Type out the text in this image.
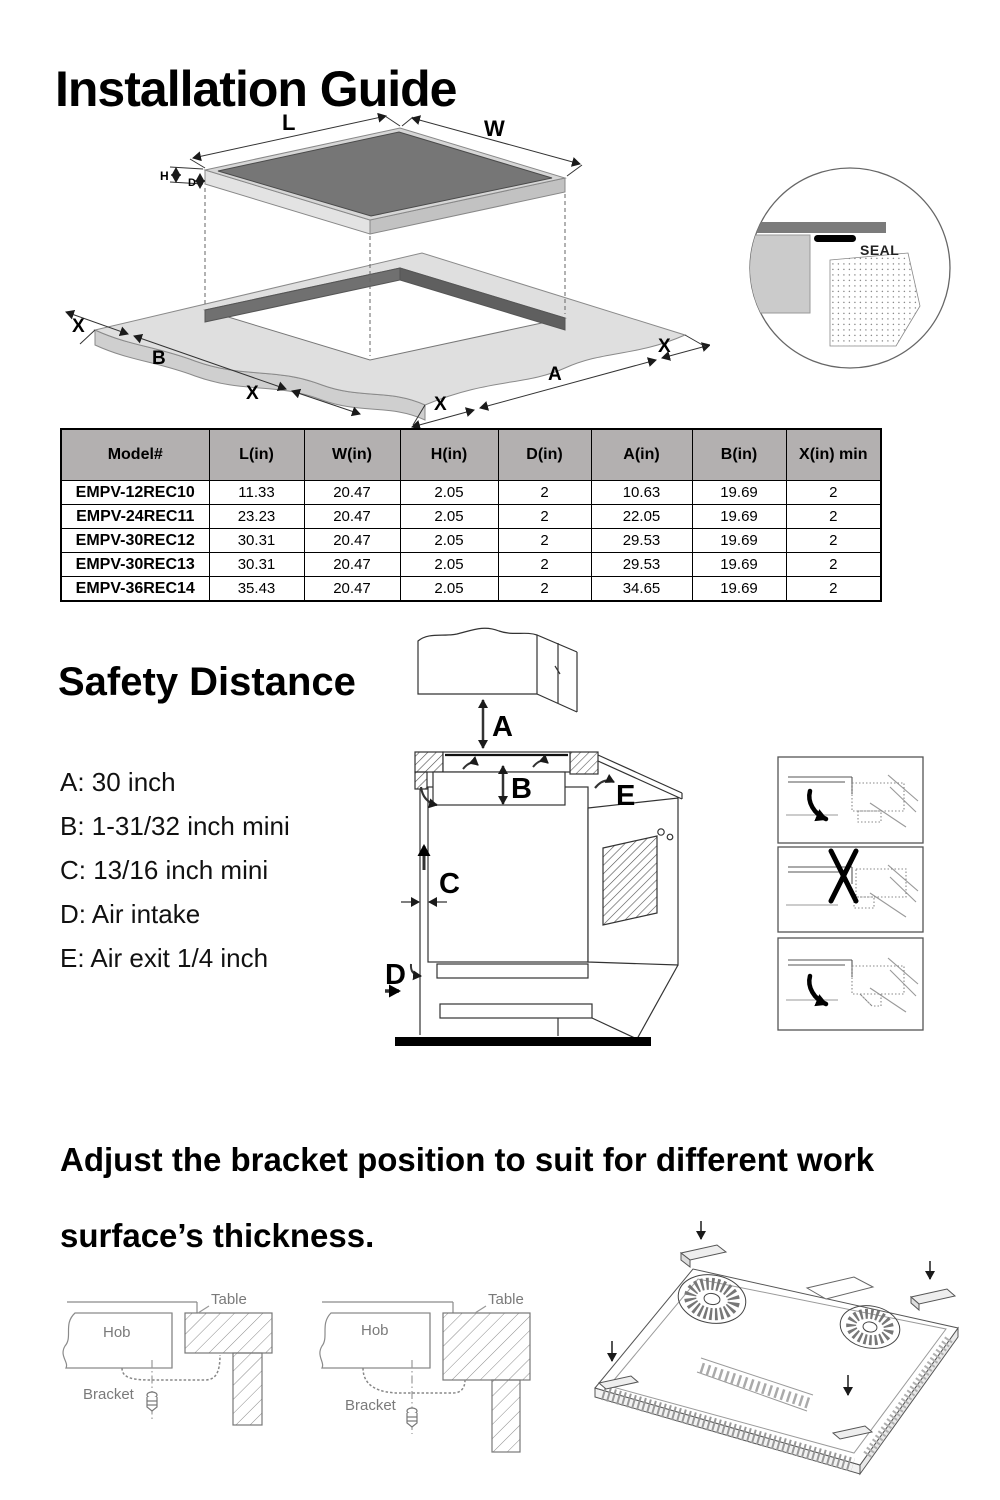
Installation Guide
L	W
H D
X
B
X
X
A
X
SEAL
Model#	L(in)	W(in)	H(in)	D(in)	A(in)	B(in)	X(in) min
EMPV-12REC10	11.33	20.47	2.05	2	10.63	19.69	2
EMPV-24REC11	23.23	20.47	2.05	2	22.05	19.69	2
EMPV-30REC12	30.31	20.47	2.05	2	29.53	19.69	2
EMPV-30REC13	30.31	20.47	2.05	2	29.53	19.69	2
EMPV-36REC14	35.43	20.47	2.05	2	34.65	19.69	2
Safety Distance
A: 30 inch
B: 1-31/32 inch mini
C: 13/16 inch mini
D: Air intake
E: Air exit 1/4 inch
A
B
C
D
E
Adjust the bracket position to suit for different work
surface’s thickness.
Hob
Table
Bracket
Hob
Table
Bracket
